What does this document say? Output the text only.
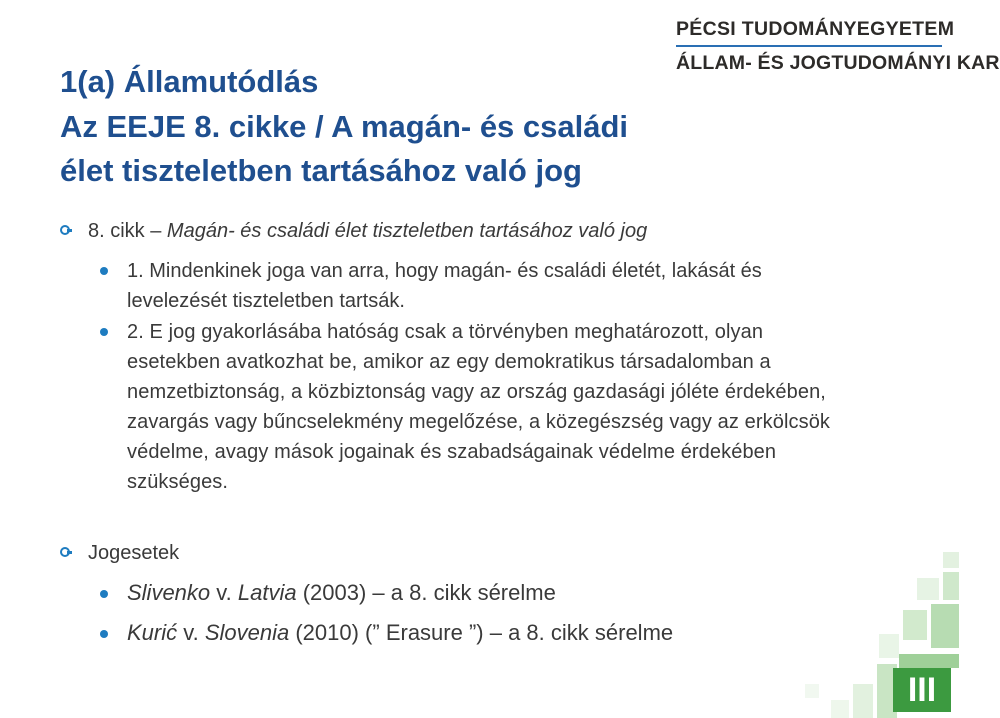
PÉCSI TUDOMÁNYEGYETEM
ÁLLAM- ÉS JOGTUDOMÁNYI KAR
1(a) Államutódlás
Az EEJE 8. cikke / A magán- és családi
élet tiszteletben tartásához való jog
8. cikk – Magán- és családi élet tiszteletben tartásához való jog
1. Mindenkinek joga van arra, hogy magán- és családi életét, lakását és
levelezését tiszteletben tartsák.
2. E jog gyakorlásába hatóság csak a törvényben meghatározott, olyan
esetekben avatkozhat be, amikor az egy demokratikus társadalomban a
nemzetbiztonság, a közbiztonság vagy az ország gazdasági jóléte érdekében,
zavargás vagy bűncselekmény megelőzése, a közegészség vagy az erkölcsök
védelme, avagy mások jogainak és szabadságainak védelme érdekében
szükséges.
Jogesetek
Slivenko v. Latvia (2003) – a 8. cikk sérelme
Kurić v. Slovenia (2010) (” Erasure ”) – a 8. cikk sérelme
III
